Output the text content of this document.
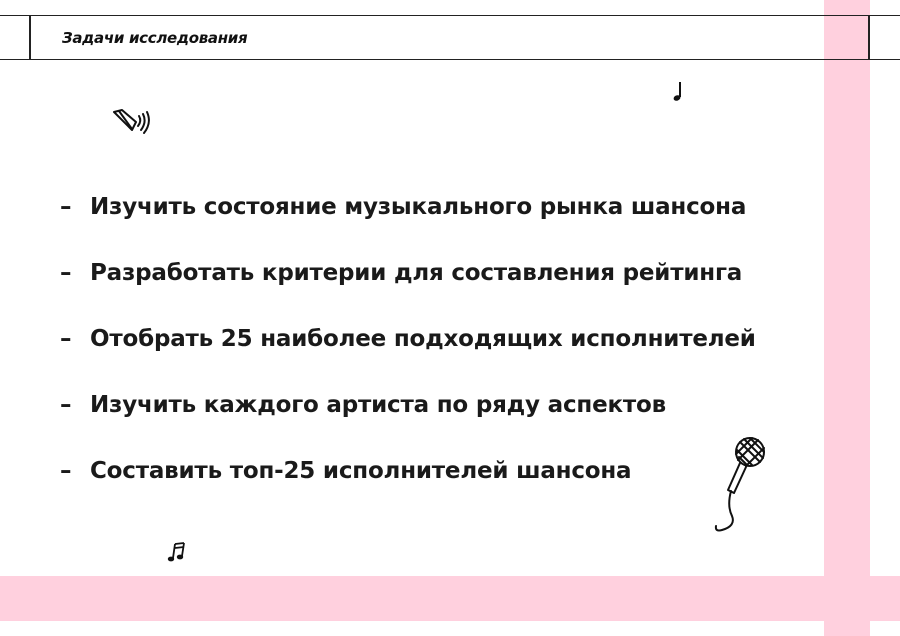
Задачи исследования
– Изучить состояние музыкального рынка шансона
– Разработать критерии для составления рейтинга
– Отобрать 25 наиболее подходящих исполнителей
– Изучить каждого артиста по ряду аспектов
– Составить топ-25 исполнителей шансона
